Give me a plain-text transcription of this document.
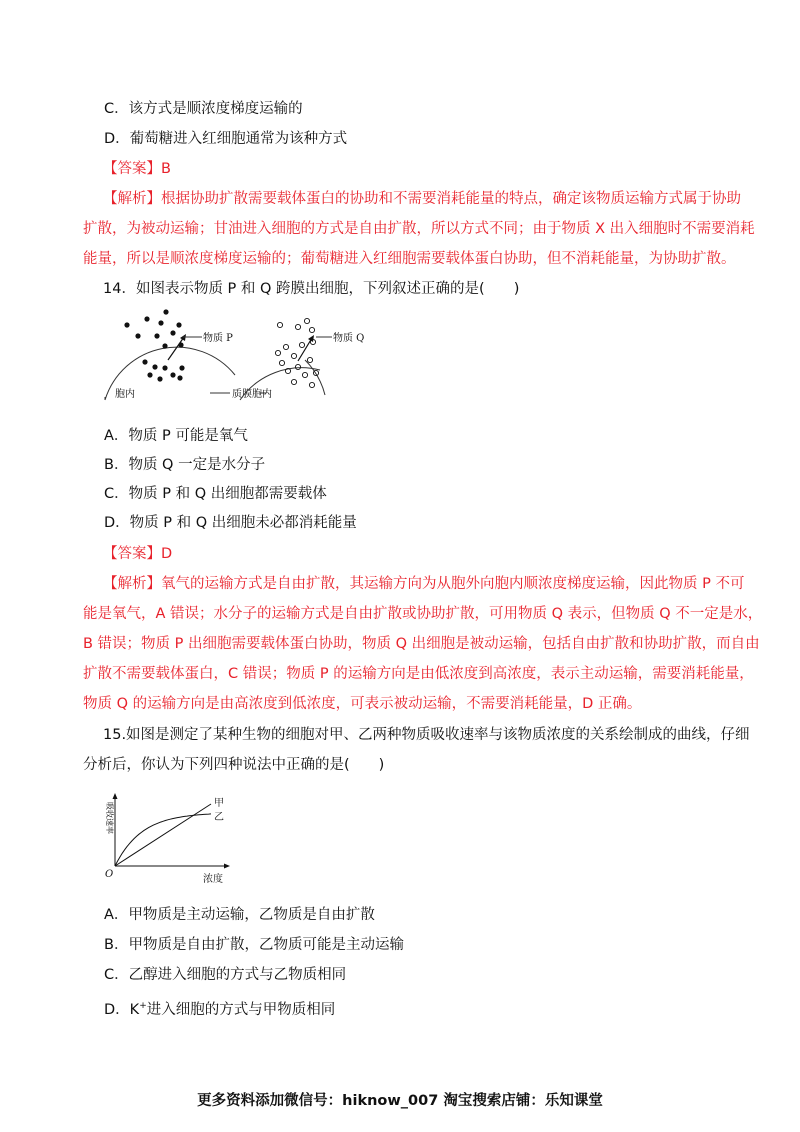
C．该方式是顺浓度梯度运输的
D．葡萄糖进入红细胞通常为该种方式
【答案】B
【解析】根据协助扩散需要载体蛋白的协助和不需要消耗能量的特点，确定该物质运输方式属于协助
扩散，为被动运输；甘油进入细胞的方式是自由扩散，所以方式不同；由于物质 X 出入细胞时不需要消耗
能量，所以是顺浓度梯度运输的；葡萄糖进入红细胞需要载体蛋白协助，但不消耗能量，为协助扩散。
14．如图表示物质 P 和 Q 跨膜出细胞，下列叙述正确的是(　　)
物质 P
胞内	质膜
物质 Q
胞内
A．物质 P 可能是氧气
B．物质 Q 一定是水分子
C．物质 P 和 Q 出细胞都需要载体
D．物质 P 和 Q 出细胞未必都消耗能量
【答案】D
【解析】氧气的运输方式是自由扩散，其运输方向为从胞外向胞内顺浓度梯度运输，因此物质 P 不可
能是氧气，A 错误；水分子的运输方式是自由扩散或协助扩散，可用物质 Q 表示，但物质 Q 不一定是水，
B 错误；物质 P 出细胞需要载体蛋白协助，物质 Q 出细胞是被动运输，包括自由扩散和协助扩散，而自由
扩散不需要载体蛋白，C 错误；物质 P 的运输方向是由低浓度到高浓度，表示主动运输，需要消耗能量，
物质 Q 的运输方向是由高浓度到低浓度，可表示被动运输，不需要消耗能量，D 正确。
15.如图是测定了某种生物的细胞对甲、乙两种物质吸收速率与该物质浓度的关系绘制成的曲线，仔细
分析后，你认为下列四种说法中正确的是(　　)
吸收速率
浓度
O
甲
乙
A．甲物质是主动运输，乙物质是自由扩散
B．甲物质是自由扩散，乙物质可能是主动运输
C．乙醇进入细胞的方式与乙物质相同
D．K+进入细胞的方式与甲物质相同
更多资料添加微信号：hiknow_007 淘宝搜索店铺：乐知课堂
